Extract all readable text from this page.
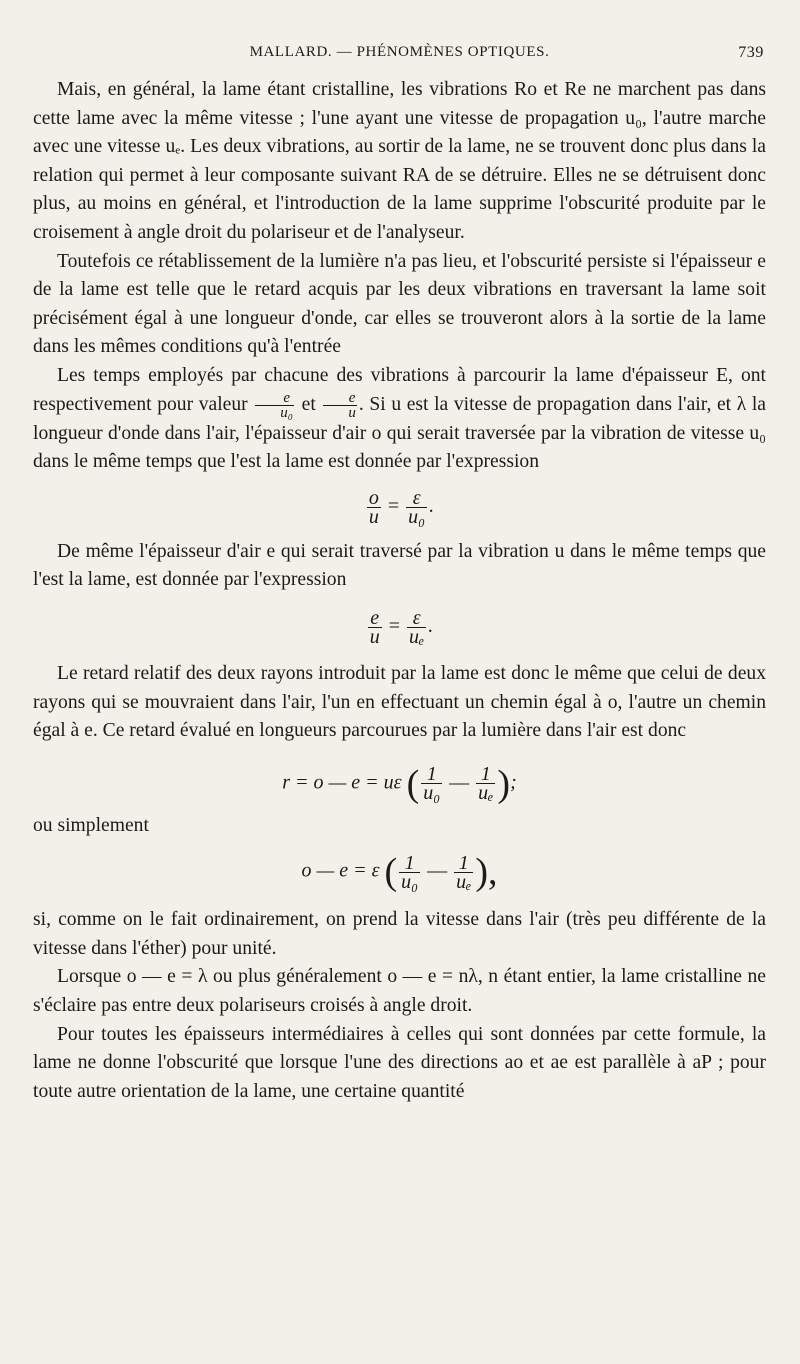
MALLARD. — PHÉNOMÈNES OPTIQUES.	739

Mais, en général, la lame étant cristalline, les vibrations Rο et Re ne marchent pas dans cette lame avec la même vitesse ; l'une ayant une vitesse de propagation u₀, l'autre marche avec une vitesse uₑ. Les deux vibrations, au sortir de la lame, ne se trouvent donc plus dans la relation qui permet à leur composante suivant RA de se détruire. Elles ne se détruisent donc plus, au moins en général, et l'introduction de la lame supprime l'obscurité produite par le croisement à angle droit du polariseur et de l'analyseur.

Toutefois ce rétablissement de la lumière n'a pas lieu, et l'obscurité persiste si l'épaisseur e de la lame est telle que le retard acquis par les deux vibrations en traversant la lame soit précisément égal à une longueur d'onde, car elles se trouveront alors à la sortie de la lame dans les mêmes conditions qu'à l'entrée

Les temps employés par chacune des vibrations à parcourir la lame d'épaisseur E, ont respectivement pour valeur $\frac{e}{\text{u₀}}$ et $\frac{e}{u}$ . Si u est la vitesse de propagation dans l'air, et λ la longueur d'onde dans l'air, l'épaisseur d'air o qui serait traversée par la vibration de vitesse u₀ dans le même temps que l'est la lame est donnée par l'expression

$\frac{o}{u} = \frac{\varepsilon}{\text{u₀}}$ .

De même l'épaisseur d'air e qui serait traversé par la vibration u dans le même temps que l'est la lame, est donnée par l'expression

$\frac{e}{u} = \frac{\varepsilon}{\text{uₑ}}$ .

Le retard relatif des deux rayons introduit par la lame est donc le même que celui de deux rayons qui se mouvraient dans l'air, l'un en effectuant un chemin égal à o, l'autre un chemin égal à e. Ce retard évalué en longueurs parcourues par la lumière dans l'air est donc

r = o — e = uε ( $\frac{1}{\text{u₀}}$ — $\frac{1}{\text{uₑ}}$ );

ou simplement

o — e = ε ( $\frac{1}{\text{u₀}}$ — $\frac{1}{\text{uₑ}}$ ),

si, comme on le fait ordinairement, on prend la vitesse dans l'air (très peu différente de la vitesse dans l'éther) pour unité.

Lorsque o — e = λ ou plus généralement o — e = nλ, n étant entier, la lame cristalline ne s'éclaire pas entre deux polariseurs croisés à angle droit.

Pour toutes les épaisseurs intermédiaires à celles qui sont données par cette formule, la lame ne donne l'obscurité que lorsque l'une des directions ao et ae est parallèle à aP ; pour toute autre orientation de la lame, une certaine quantité
